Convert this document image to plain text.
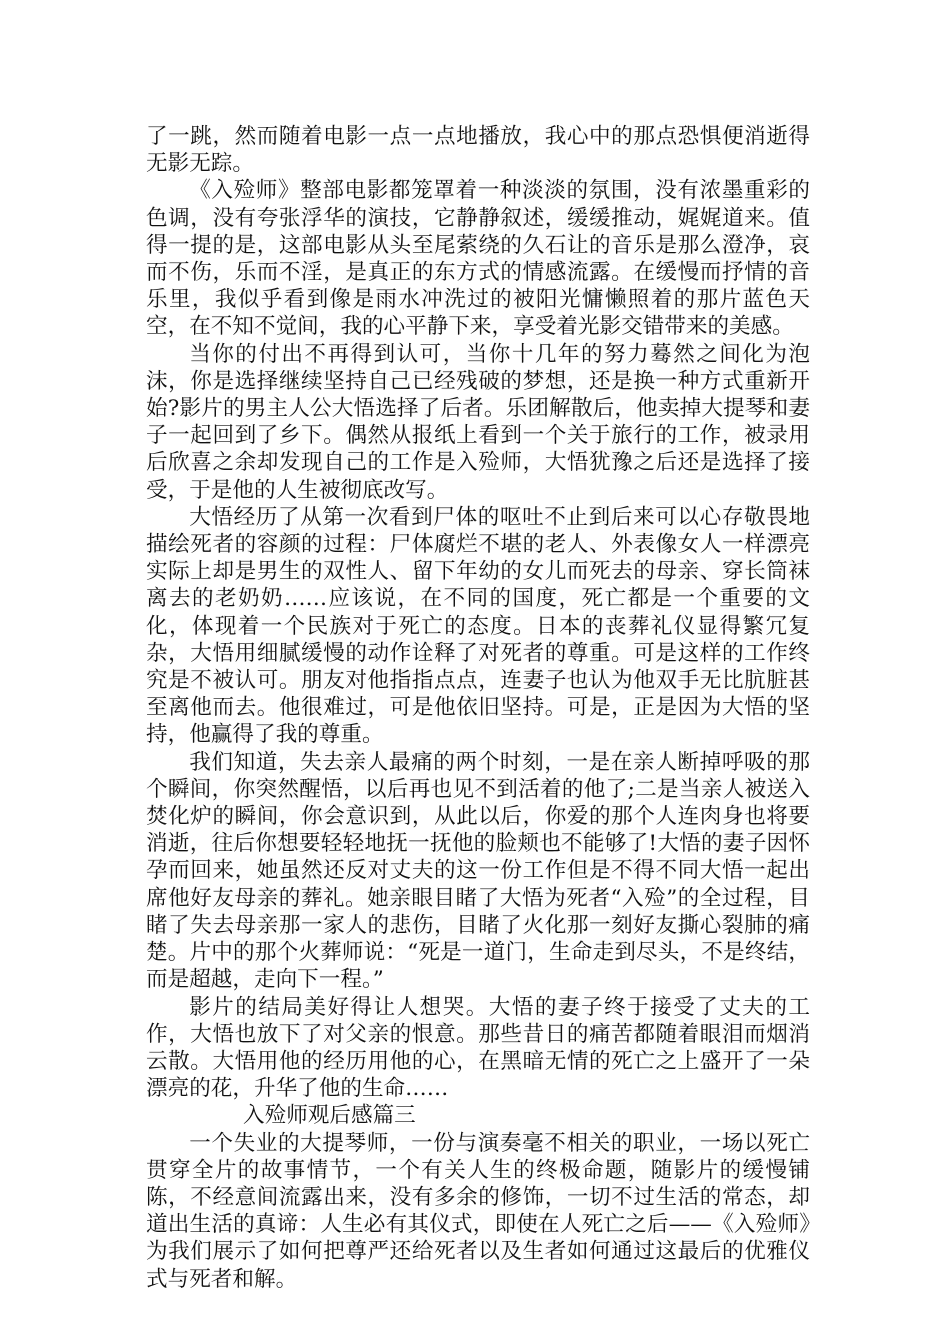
了一跳，然而随着电影一点一点地播放，我心中的那点恐惧便消逝得无影无踪。

《入殓师》整部电影都笼罩着一种淡淡的氛围，没有浓墨重彩的色调，没有夸张浮华的演技，它静静叙述，缓缓推动，娓娓道来。值得一提的是，这部电影从头至尾萦绕的久石让的音乐是那么澄净，哀而不伤，乐而不淫，是真正的东方式的情感流露。在缓慢而抒情的音乐里，我似乎看到像是雨水冲洗过的被阳光慵懒照着的那片蓝色天空，在不知不觉间，我的心平静下来，享受着光影交错带来的美感。

当你的付出不再得到认可，当你十几年的努力蓦然之间化为泡沫，你是选择继续坚持自己已经残破的梦想，还是换一种方式重新开始?影片的男主人公大悟选择了后者。乐团解散后，他卖掉大提琴和妻子一起回到了乡下。偶然从报纸上看到一个关于旅行的工作，被录用后欣喜之余却发现自己的工作是入殓师，大悟犹豫之后还是选择了接受，于是他的人生被彻底改写。

大悟经历了从第一次看到尸体的呕吐不止到后来可以心存敬畏地描绘死者的容颜的过程：尸体腐烂不堪的老人、外表像女人一样漂亮实际上却是男生的双性人、留下年幼的女儿而死去的母亲、穿长筒袜离去的老奶奶……应该说，在不同的国度，死亡都是一个重要的文化，体现着一个民族对于死亡的态度。日本的丧葬礼仪显得繁冗复杂，大悟用细腻缓慢的动作诠释了对死者的尊重。可是这样的工作终究是不被认可。朋友对他指指点点，连妻子也认为他双手无比肮脏甚至离他而去。他很难过，可是他依旧坚持。可是，正是因为大悟的坚持，他赢得了我的尊重。

我们知道，失去亲人最痛的两个时刻，一是在亲人断掉呼吸的那个瞬间，你突然醒悟，以后再也见不到活着的他了;二是当亲人被送入焚化炉的瞬间，你会意识到，从此以后，你爱的那个人连肉身也将要消逝，往后你想要轻轻地抚一抚他的脸颊也不能够了!大悟的妻子因怀孕而回来，她虽然还反对丈夫的这一份工作但是不得不同大悟一起出席他好友母亲的葬礼。她亲眼目睹了大悟为死者“入殓”的全过程，目睹了失去母亲那一家人的悲伤，目睹了火化那一刻好友撕心裂肺的痛楚。片中的那个火葬师说：“死是一道门，生命走到尽头，不是终结，而是超越，走向下一程。”

影片的结局美好得让人想哭。大悟的妻子终于接受了丈夫的工作，大悟也放下了对父亲的恨意。那些昔日的痛苦都随着眼泪而烟消云散。大悟用他的经历用他的心，在黑暗无情的死亡之上盛开了一朵漂亮的花，升华了他的生命……

入殓师观后感篇三

一个失业的大提琴师，一份与演奏毫不相关的职业，一场以死亡贯穿全片的故事情节，一个有关人生的终极命题，随影片的缓慢铺陈，不经意间流露出来，没有多余的修饰，一切不过生活的常态，却道出生活的真谛：人生必有其仪式，即使在人死亡之后——《入殓师》为我们展示了如何把尊严还给死者以及生者如何通过这最后的优雅仪式与死者和解。
